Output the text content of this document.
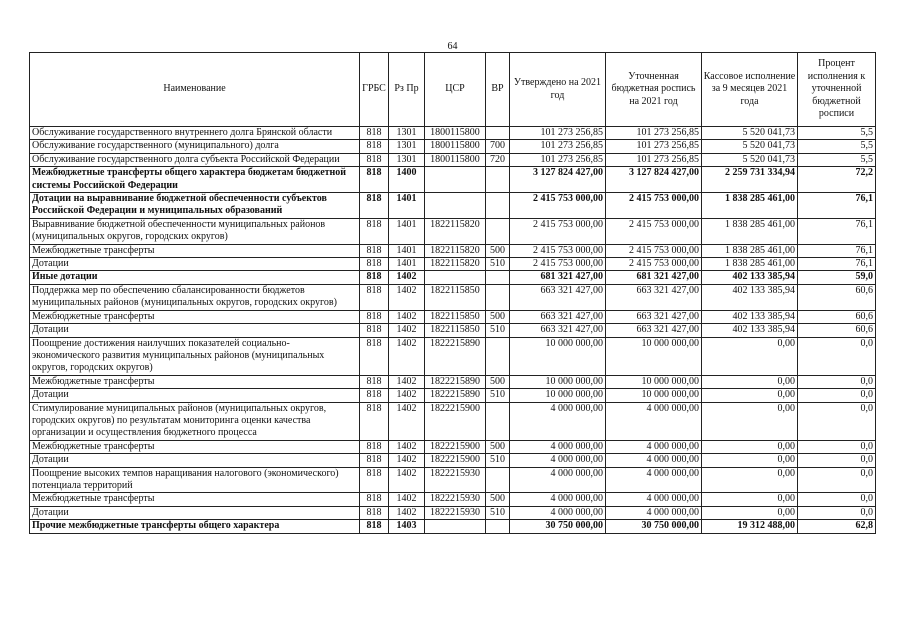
64
Наименование	ГРБС	Рз Пр	ЦСР	ВР	Утверждено на 2021 год	Уточненная бюджетная роспись на 2021 год	Кассовое исполнение за 9 месяцев 2021 года	Процент исполнения к уточненной бюджетной росписи
Обслуживание государственного внутреннего долга Брянской области	818	1301	1800115800		101 273 256,85	101 273 256,85	5 520 041,73	5,5
Обслуживание государственного (муниципального) долга	818	1301	1800115800	700	101 273 256,85	101 273 256,85	5 520 041,73	5,5
Обслуживание государственного долга субъекта Российской Федерации	818	1301	1800115800	720	101 273 256,85	101 273 256,85	5 520 041,73	5,5
Межбюджетные трансферты общего характера бюджетам бюджетной системы Российской Федерации	818	1400			3 127 824 427,00	3 127 824 427,00	2 259 731 334,94	72,2
Дотации на выравнивание бюджетной обеспеченности субъектов Российской Федерации и муниципальных образований	818	1401			2 415 753 000,00	2 415 753 000,00	1 838 285 461,00	76,1
Выравнивание бюджетной обеспеченности муниципальных районов (муниципальных округов, городских округов)	818	1401	1822115820		2 415 753 000,00	2 415 753 000,00	1 838 285 461,00	76,1
Межбюджетные трансферты	818	1401	1822115820	500	2 415 753 000,00	2 415 753 000,00	1 838 285 461,00	76,1
Дотации	818	1401	1822115820	510	2 415 753 000,00	2 415 753 000,00	1 838 285 461,00	76,1
Иные дотации	818	1402			681 321 427,00	681 321 427,00	402 133 385,94	59,0
Поддержка мер по обеспечению сбалансированности бюджетов муниципальных районов (муниципальных округов, городских округов)	818	1402	1822115850		663 321 427,00	663 321 427,00	402 133 385,94	60,6
Межбюджетные трансферты	818	1402	1822115850	500	663 321 427,00	663 321 427,00	402 133 385,94	60,6
Дотации	818	1402	1822115850	510	663 321 427,00	663 321 427,00	402 133 385,94	60,6
Поощрение достижения наилучших показателей социально-экономического развития муниципальных районов (муниципальных округов, городских округов)	818	1402	1822215890		10 000 000,00	10 000 000,00	0,00	0,0
Межбюджетные трансферты	818	1402	1822215890	500	10 000 000,00	10 000 000,00	0,00	0,0
Дотации	818	1402	1822215890	510	10 000 000,00	10 000 000,00	0,00	0,0
Стимулирование муниципальных районов (муниципальных округов, городских округов) по результатам мониторинга оценки качества организации и осуществления бюджетного процесса	818	1402	1822215900		4 000 000,00	4 000 000,00	0,00	0,0
Межбюджетные трансферты	818	1402	1822215900	500	4 000 000,00	4 000 000,00	0,00	0,0
Дотации	818	1402	1822215900	510	4 000 000,00	4 000 000,00	0,00	0,0
Поощрение высоких темпов наращивания налогового (экономического) потенциала территорий	818	1402	1822215930		4 000 000,00	4 000 000,00	0,00	0,0
Межбюджетные трансферты	818	1402	1822215930	500	4 000 000,00	4 000 000,00	0,00	0,0
Дотации	818	1402	1822215930	510	4 000 000,00	4 000 000,00	0,00	0,0
Прочие межбюджетные трансферты общего характера	818	1403			30 750 000,00	30 750 000,00	19 312 488,00	62,8
